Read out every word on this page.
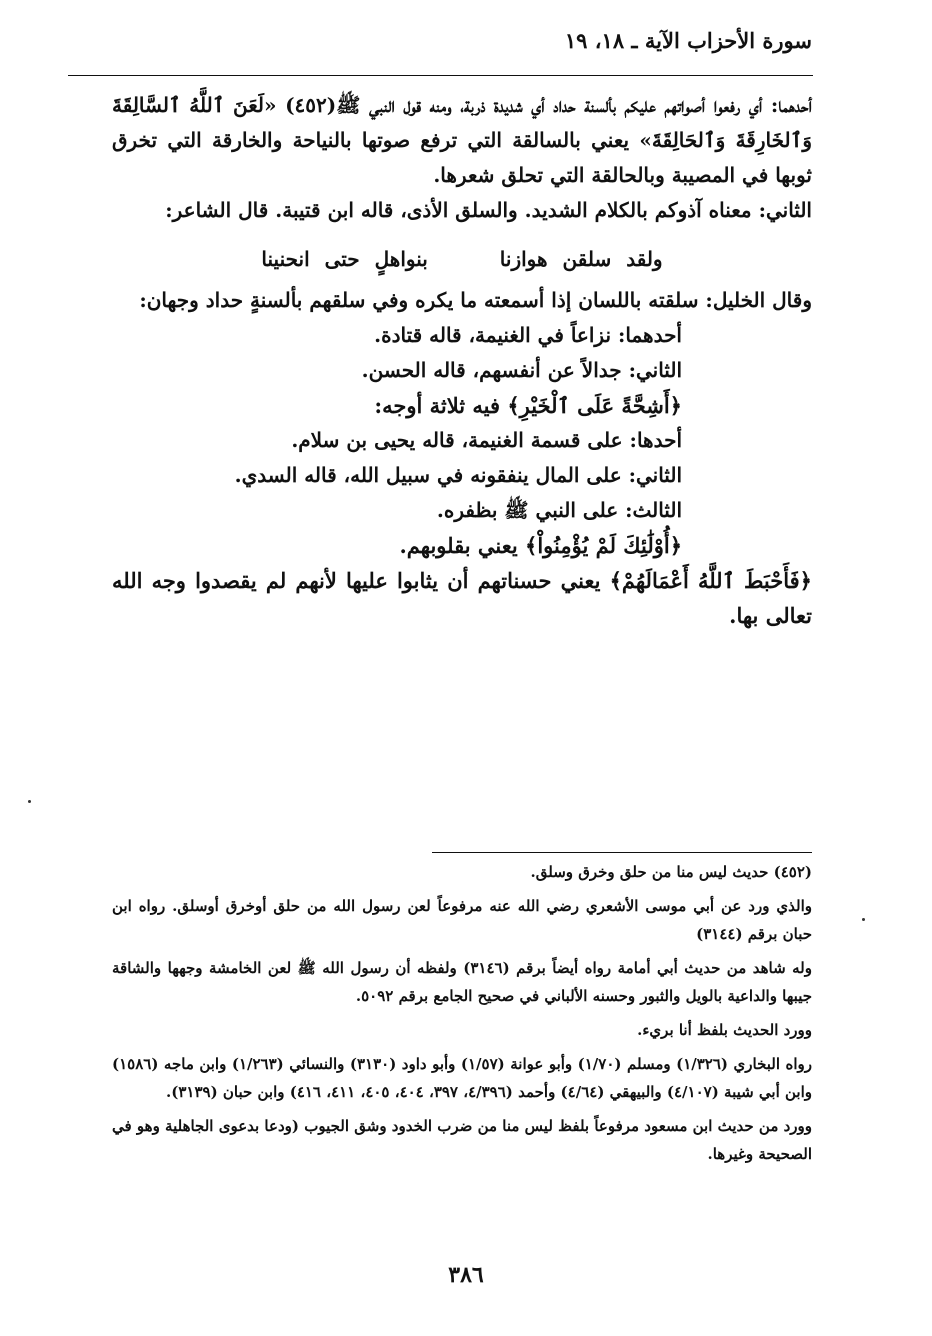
سورة الأحزاب الآية ـ ١٨، ١٩

أحدهما: أي رفعوا أصواتهم عليكم بألسنة حداد أي شديدة ذربة، ومنه قول النبي ﷺ(٤٥٢) «لَعَنَ ٱللَّهُ ٱلسَّالِقَةَ وَٱلخَارِقَةَ وَٱلحَالِقَةَ» يعني بالسالقة التي ترفع صوتها بالنياحة والخارقة التي تخرق ثوبها في المصيبة وبالحالقة التي تحلق شعرها.

الثاني: معناه آذوكم بالكلام الشديد. والسلق الأذى، قاله ابن قتيبة. قال الشاعر:

ولقد سلقن هوازنا بنواهلٍ حتى انحنينا

وقال الخليل: سلقته باللسان إذا أسمعته ما يكره وفي سلقهم بألسنةٍ حداد وجهان:

أحدهما: نزاعاً في الغنيمة، قاله قتادة.

الثاني: جدالاً عن أنفسهم، قاله الحسن.

﴿أَشِحَّةً عَلَى ٱلْخَيْرِ﴾ فيه ثلاثة أوجه:

أحدها: على قسمة الغنيمة، قاله يحيى بن سلام.

الثاني: على المال ينفقونه في سبيل الله، قاله السدي.

الثالث: على النبي ﷺ بظفره.

﴿أُوْلَٰئِكَ لَمْ يُؤْمِنُواْ﴾ يعني بقلوبهم.

﴿فَأَحْبَطَ ٱللَّهُ أَعْمَالَهُمْ﴾ يعني حسناتهم أن يثابوا عليها لأنهم لم يقصدوا وجه الله تعالى بها.

(٤٥٢) حديث ليس منا من حلق وخرق وسلق.

والذي ورد عن أبي موسى الأشعري رضي الله عنه مرفوعاً لعن رسول الله من حلق أوخرق أوسلق. رواه ابن حبان برقم (٣١٤٤)

وله شاهد من حديث أبي أمامة رواه أيضاً برقم (٣١٤٦) ولفظه أن رسول الله ﷺ لعن الخامشة وجهها والشاقة جيبها والداعية بالويل والثبور وحسنه الألباني في صحيح الجامع برقم ٥٠٩٢.

وورد الحديث بلفظ أنا بريء.

رواه البخاري (١/٣٢٦) ومسلم (١/٧٠) وأبو عوانة (١/٥٧) وأبو داود (٣١٣٠) والنسائي (١/٢٦٣) وابن ماجه (١٥٨٦) وابن أبي شيبة (٤/١٠٧) والبيهقي (٤/٦٤) وأحمد (٤/٣٩٦، ٣٩٧، ٤٠٤، ٤٠٥، ٤١١، ٤١٦) وابن حبان (٣١٣٩).

وورد من حديث ابن مسعود مرفوعاً بلفظ ليس منا من ضرب الخدود وشق الجيوب (ودعا بدعوى الجاهلية وهو في الصحيحة وغيرها.

٣٨٦
